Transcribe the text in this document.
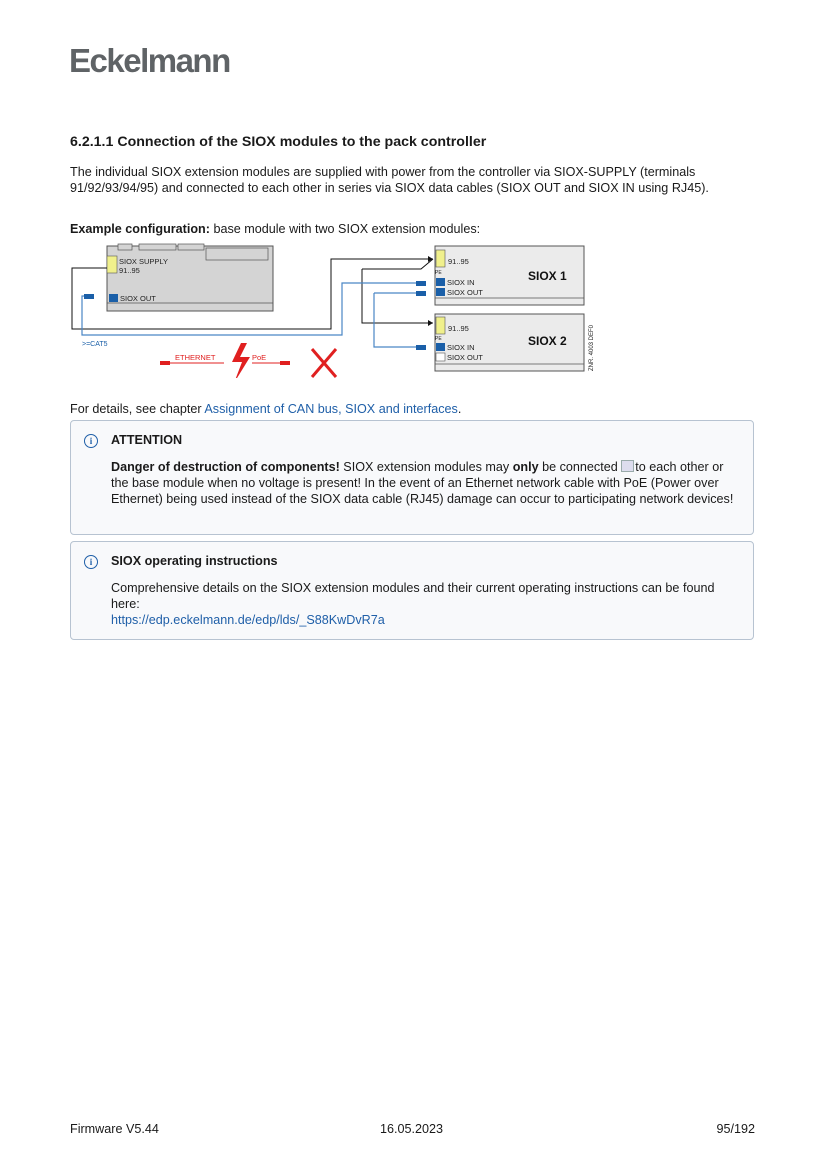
Eckelmann
6.2.1.1 Connection of the SIOX modules to the pack controller
The individual SIOX extension modules are supplied with power from the controller via SIOX-SUPPLY (terminals 91/92/93/94/95) and connected to each other in series via SIOX data cables (SIOX OUT and SIOX IN using RJ45).
Example configuration: base module with two SIOX extension modules:
SIOX SUPPLY
91..95
SIOX OUT
>=CAT5
91..95
PE
SIOX IN
SIOX OUT
SIOX 1
91..95
PE
SIOX IN
SIOX OUT
SIOX 2	ZNR. 4003 DEF0
ETHERNET	PoE
For details, see chapter Assignment of CAN bus, SIOX and interfaces.
i	ATTENTION
Danger of destruction of components! SIOX extension modules may only be connected to each other or the base module when no voltage is present! In the event of an Ethernet network cable with PoE (Power over Ethernet) being used instead of the SIOX data cable (RJ45) damage can occur to participating network devices!
i	SIOX operating instructions
Comprehensive details on the SIOX extension modules and their current operating instructions can be found here:
https://edp.eckelmann.de/edp/lds/_S88KwDvR7a
Firmware V5.44	16.05.2023	95/192
